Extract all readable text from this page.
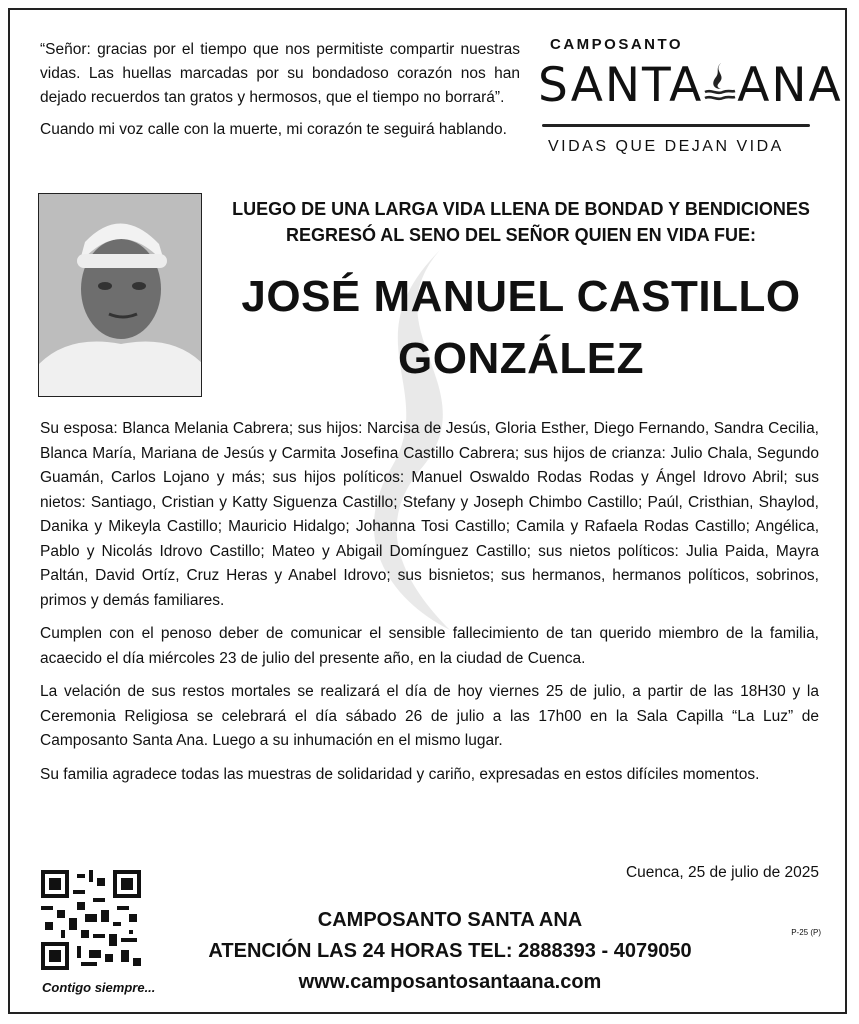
“Señor: gracias por el tiempo que nos permitiste compartir nuestras vidas. Las huellas marcadas por su bondadoso corazón nos han dejado recuerdos tan gratos y hermosos, que el tiempo no borrará”.

Cuando mi voz calle con la muerte, mi corazón te seguirá hablando.

CAMPOSANTO
SANTA ANA
VIDAS QUE DEJAN VIDA
LUEGO DE UNA LARGA VIDA LLENA DE BONDAD Y BENDICIONES
REGRESÓ AL SENO DEL SEÑOR QUIEN EN VIDA FUE:
JOSÉ MANUEL CASTILLO
GONZÁLEZ

Su esposa: Blanca Melania Cabrera; sus hijos: Narcisa de Jesús, Gloria Esther, Diego Fernando, Sandra Cecilia, Blanca María, Mariana de Jesús y Carmita Josefina Castillo Cabrera; sus hijos de crianza: Julio Chala, Segundo Guamán, Carlos Lojano y más; sus hijos políticos: Manuel Oswaldo Rodas Rodas y Ángel Idrovo Abril; sus nietos: Santiago, Cristian y Katty Siguenza Castillo; Stefany y Joseph Chimbo Castillo; Paúl, Cristhian, Shaylod, Danika y Mikeyla Castillo; Mauricio Hidalgo; Johanna Tosi Castillo; Camila y Rafaela Rodas Castillo; Angélica, Pablo y Nicolás Idrovo Castillo; Mateo y Abigail Domínguez Castillo; sus nietos políticos: Julia Paida, Mayra Paltán, David Ortíz, Cruz Heras y Anabel Idrovo; sus bisnietos; sus hermanos, hermanos políticos, sobrinos, primos y demás familiares.

Cumplen con el penoso deber de comunicar el sensible fallecimiento de tan querido miembro de la familia, acaecido el día miércoles 23 de julio del presente año, en la ciudad de Cuenca.

La velación de sus restos mortales se realizará el día de hoy viernes 25 de julio, a partir de las 18H30 y la Ceremonia Religiosa se celebrará el día sábado 26 de julio a las 17h00 en la Sala Capilla “La Luz” de Camposanto Santa Ana. Luego a su inhumación en el mismo lugar.

Su familia agradece todas las muestras de solidaridad y cariño, expresadas en estos difíciles momentos.

Cuenca, 25 de julio de 2025
Contigo siempre...
CAMPOSANTO SANTA ANA
ATENCIÓN LAS 24 HORAS TEL: 2888393 - 4079050
www.camposantosantaana.com
P-25 (P)
